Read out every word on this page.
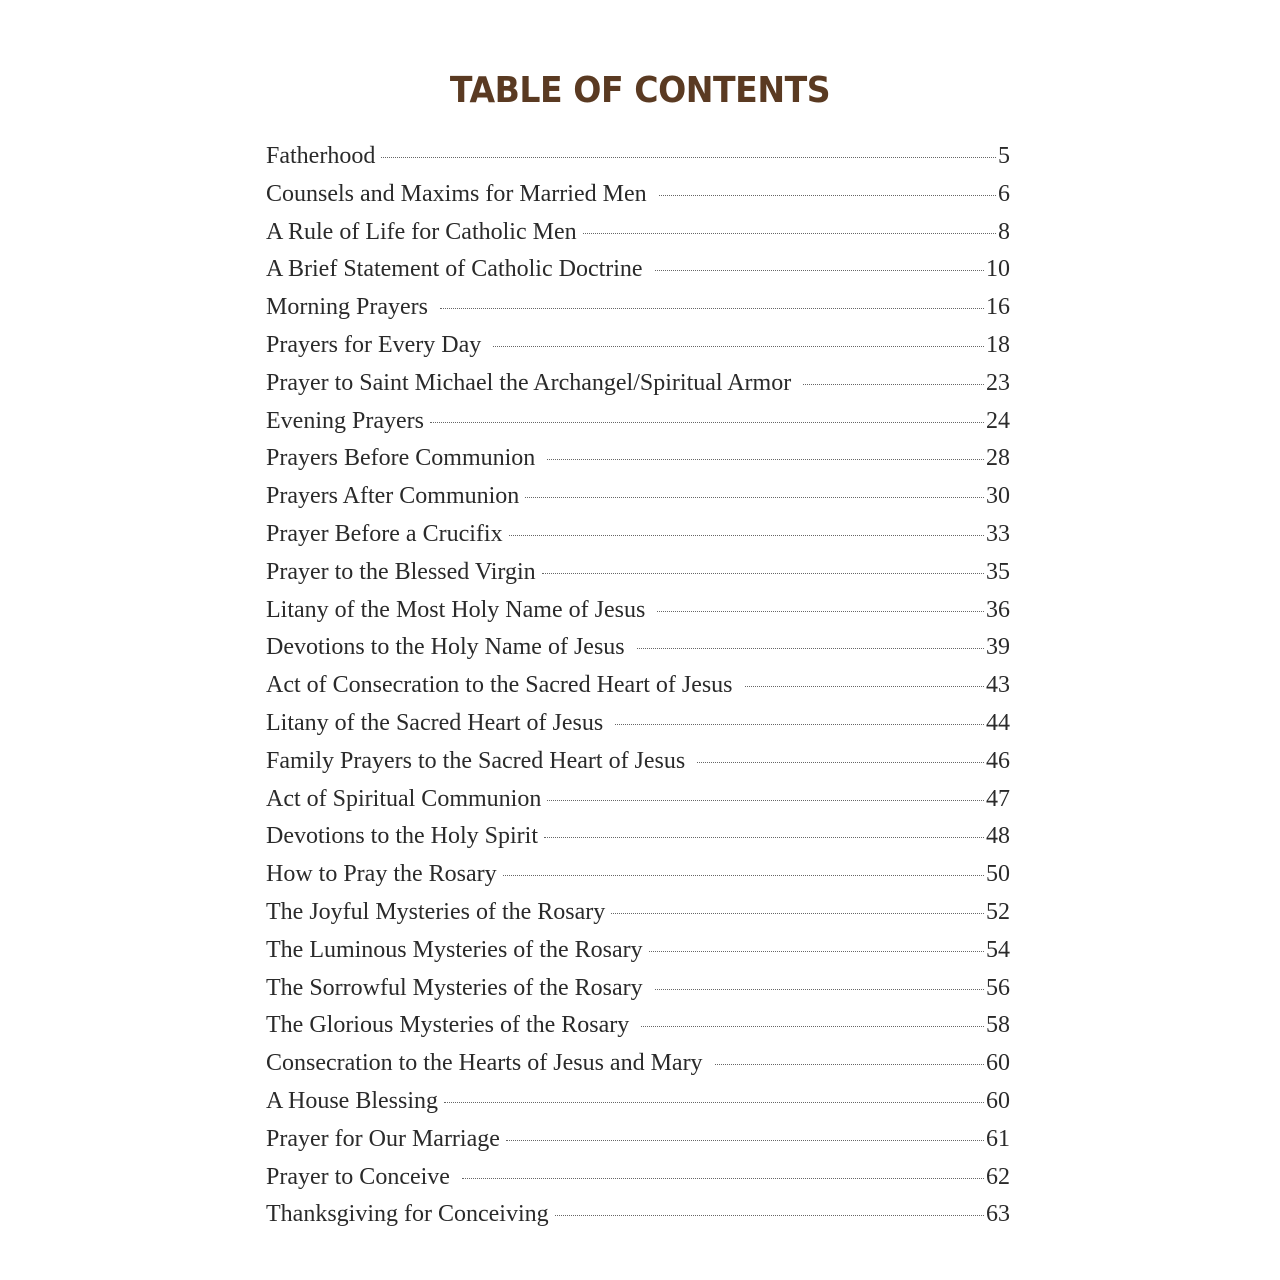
TABLE OF CONTENTS
Fatherhood	5
Counsels and Maxims for Married Men	6
A Rule of Life for Catholic Men	8
A Brief Statement of Catholic Doctrine	10
Morning Prayers	16
Prayers for Every Day	18
Prayer to Saint Michael the Archangel/Spiritual Armor	23
Evening Prayers	24
Prayers Before Communion	28
Prayers After Communion	30
Prayer Before a Crucifix	33
Prayer to the Blessed Virgin	35
Litany of the Most Holy Name of Jesus	36
Devotions to the Holy Name of Jesus	39
Act of Consecration to the Sacred Heart of Jesus	43
Litany of the Sacred Heart of Jesus	44
Family Prayers to the Sacred Heart of Jesus	46
Act of Spiritual Communion	47
Devotions to the Holy Spirit	48
How to Pray the Rosary	50
The Joyful Mysteries of the Rosary	52
The Luminous Mysteries of the Rosary	54
The Sorrowful Mysteries of the Rosary	56
The Glorious Mysteries of the Rosary	58
Consecration to the Hearts of Jesus and Mary	60
A House Blessing	60
Prayer for Our Marriage	61
Prayer to Conceive	62
Thanksgiving for Conceiving	63
